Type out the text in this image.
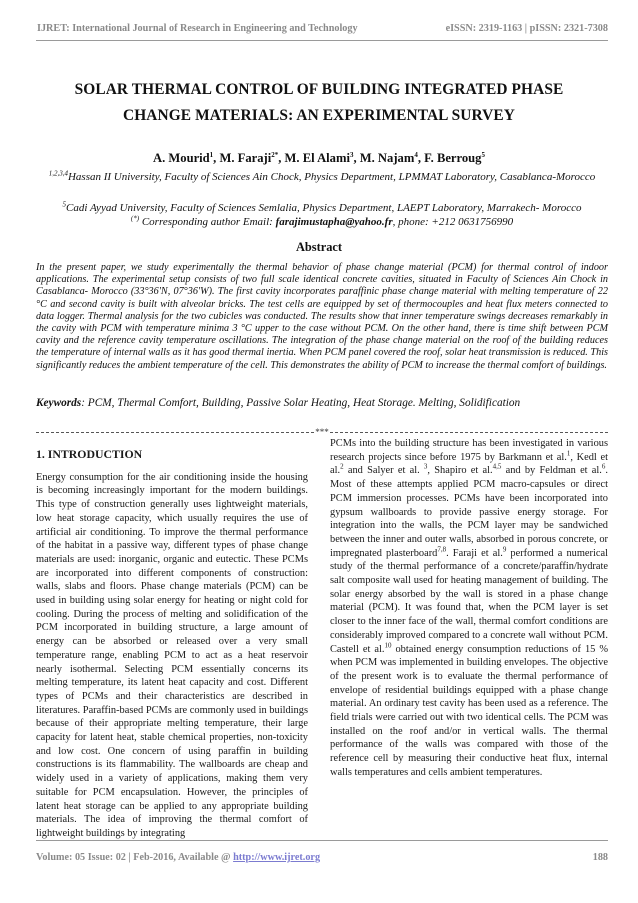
IJRET: International Journal of Research in Engineering and Technology	eISSN: 2319-1163 | pISSN: 2321-7308
SOLAR THERMAL CONTROL OF BUILDING INTEGRATED PHASE
CHANGE MATERIALS: AN EXPERIMENTAL SURVEY
A. Mourid$^1$, M. Faraji$^{2*}$, M. El Alami$^3$, M. Najam$^4$, F. Berroug$^5$
$^{1,2,3,4}$Hassan II University, Faculty of Sciences Ain Chock, Physics Department, LPMMAT Laboratory, Casablanca-Morocco
$^5$Cadi Ayyad University, Faculty of Sciences Semlalia, Physics Department, LAEPT Laboratory, Marrakech- Morocco
(*) Corresponding author Email: farajimustapha@yahoo.fr, phone: +212 0631756990
Abstract

In the present paper, we study experimentally the thermal behavior of phase change material (PCM) for thermal control of indoor applications. The experimental setup consists of two full scale identical concrete cavities, situated in Faculty of Sciences Ain Chock in Casablanca- Morocco (33°36'N, 07°36'W). The first cavity incorporates paraffinic phase change material with melting temperature of 22 °C and second cavity is built with alveolar bricks. The test cells are equipped by set of thermocouples and heat flux meters connected to data logger. Thermal analysis for the two cubicles was conducted. The results show that inner temperature swings decreases remarkably in the cavity with PCM with temperature minima 3 °C upper to the case without PCM. On the other hand, there is time shift between PCM cavity and the reference cavity temperature oscillations. The integration of the phase change material on the roof of the building reduces the temperature of internal walls as it has good thermal inertia. When PCM panel covered the roof, solar heat transmission is reduced. This significantly reduces the ambient temperature of the cell. This demonstrates the ability of PCM to increase the thermal comfort of buildings.

Keywords: PCM, Thermal Comfort, Building, Passive Solar Heating, Heat Storage. Melting, Solidification

***
1. INTRODUCTION

Energy consumption for the air conditioning inside the housing is becoming increasingly important for the modern buildings. This type of construction generally uses lightweight materials, low heat storage capacity, which usually requires the use of artificial air conditioning. To improve the thermal performance of the habitat in a passive way, different types of phase change materials are used: inorganic, organic and eutectic. These PCMs are incorporated into different components of construction: walls, slabs and floors. Phase change materials (PCM) can be used in building using solar energy for heating or night cold for cooling. During the process of melting and solidification of the PCM incorporated in building structure, a large amount of energy can be absorbed or released over a very small temperature range, enabling PCM to act as a heat reservoir nearly isothermal. Selecting PCM essentially concerns its melting temperature, its latent heat capacity and cost. Different types of PCMs and their characteristics are described in literatures. Paraffin-based PCMs are commonly used in buildings because of their appropriate melting temperature, their large capacity for latent heat, stable chemical properties, non-toxicity and low cost. One concern of using paraffin in building constructions is its flammability. The wallboards are cheap and widely used in a variety of applications, making them very suitable for PCM encapsulation. However, the principles of latent heat storage can be applied to any appropriate building materials. The idea of improving the thermal comfort of lightweight buildings by integrating

PCMs into the building structure has been investigated in various research projects since before 1975 by Barkmann et al.$^1$, Kedl et al.$^2$ and Salyer et al. $^3$, Shapiro et al.$^{4,5}$ and by Feldman et al.$^6$. Most of these attempts applied PCM macro-capsules or direct PCM immersion processes. PCMs have been incorporated into gypsum wallboards to provide passive energy storage. For integration into the walls, the PCM layer may be sandwiched between the inner and outer walls, absorbed in porous concrete, or impregnated plasterboard$^{7,8}$. Faraji et al.$^9$ performed a numerical study of the thermal performance of a concrete/paraffin/hydrate salt composite wall used for heating management of building. The solar energy absorbed by the wall is stored in a phase change material (PCM). It was found that, when the PCM layer is set closer to the inner face of the wall, thermal comfort conditions are considerably improved compared to a concrete wall without PCM. Castell et al.$^{10}$ obtained energy consumption reductions of 15 % when PCM was implemented in building envelopes. The objective of the present work is to evaluate the thermal performance of envelope of residential buildings equipped with a phase change material. An ordinary test cavity has been used as a reference. The field trials were carried out with two identical cells. The PCM was installed on the roof and/or in vertical walls. The thermal performance of the walls was compared with those of the reference cell by measuring their conductive heat flux, internal walls temperatures and cells ambient temperatures.

Volume: 05 Issue: 02 | Feb-2016, Available @ http://www.ijret.org	188
